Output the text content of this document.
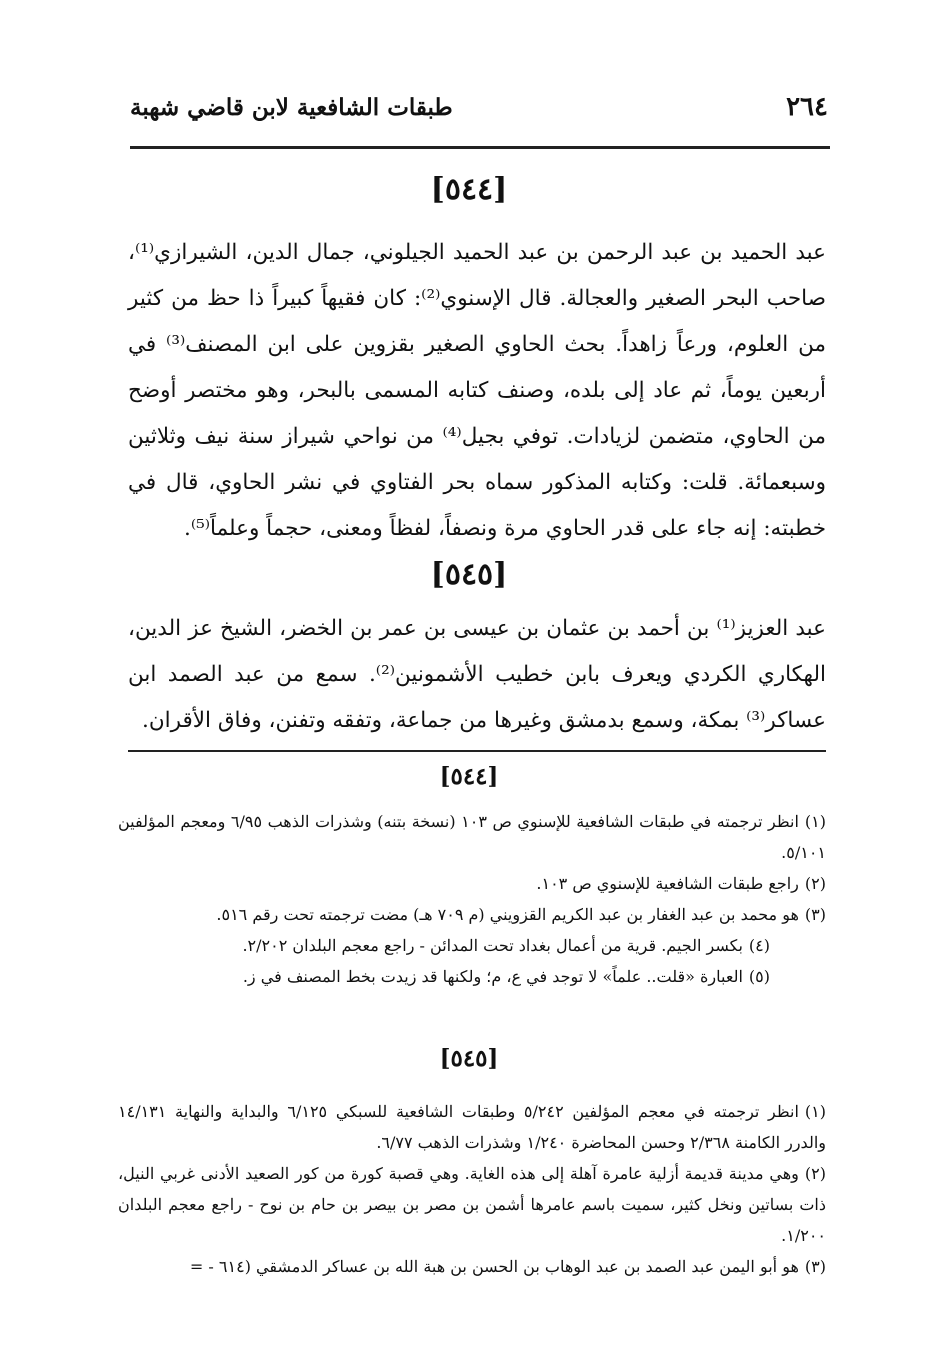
٢٦٤
طبقات الشافعية لابن قاضي شهبة
[٥٤٤]
عبد الحميد بن عبد الرحمن بن عبد الحميد الجيلوني، جمال الدين، الشيرازي⁽¹⁾، صاحب البحر الصغير والعجالة. قال الإسنوي⁽²⁾: كان فقيهاً كبيراً ذا حظ من كثير من العلوم، ورعاً زاهداً. بحث الحاوي الصغير بقزوين على ابن المصنف⁽³⁾ في أربعين يوماً، ثم عاد إلى بلده، وصنف كتابه المسمى بالبحر، وهو مختصر أوضح من الحاوي، متضمن لزيادات. توفي بجيل⁽⁴⁾ من نواحي شيراز سنة نيف وثلاثين وسبعمائة. قلت: وكتابه المذكور سماه بحر الفتاوي في نشر الحاوي، قال في خطبته: إنه جاء على قدر الحاوي مرة ونصفاً، لفظاً ومعنى، حجماً وعلماً⁽⁵⁾.
[٥٤٥]
عبد العزيز⁽¹⁾ بن أحمد بن عثمان بن عيسى بن عمر بن الخضر، الشيخ عز الدين، الهكاري الكردي ويعرف بابن خطيب الأشمونين⁽²⁾. سمع من عبد الصمد ابن عساكر⁽³⁾ بمكة، وسمع بدمشق وغيرها من جماعة، وتفقه وتفنن، وفاق الأقران.
[٥٤٤]
(١)انظر ترجمته في طبقات الشافعية للإسنوي ص ١٠٣ (نسخة بتنه) وشذرات الذهب ٦/٩٥ ومعجم المؤلفين ٥/١٠١.
(٢)راجع طبقات الشافعية للإسنوي ص ١٠٣.
(٣)هو محمد بن عبد الغفار بن عبد الكريم القزويني (م ٧٠٩ هـ) مضت ترجمته تحت رقم ٥١٦.
(٤)بكسر الجيم. قرية من أعمال بغداد تحت المدائن - راجع معجم البلدان ٢/٢٠٢.
(٥)العبارة «قلت.. علماً» لا توجد في ع، م؛ ولكنها قد زيدت بخط المصنف في ز.
[٥٤٥]
(١)انظر ترجمته في معجم المؤلفين ٥/٢٤٢ وطبقات الشافعية للسبكي ٦/١٢٥ والبداية والنهاية ١٤/١٣١ والدرر الكامنة ٢/٣٦٨ وحسن المحاضرة ١/٢٤٠ وشذرات الذهب ٦/٧٧.
(٢)وهي مدينة قديمة أزلية عامرة آهلة إلى هذه الغاية. وهي قصبة كورة من كور الصعيد الأدنى غربي النيل، ذات بساتين ونخل كثير، سميت باسم عامرها أشمن بن مصر بن بيصر بن حام بن نوح - راجع معجم البلدان ١/٢٠٠.
(٣)هو أبو اليمن عبد الصمد بن عبد الوهاب بن الحسن بن هبة الله بن عساكر الدمشقي (٦١٤ - =
